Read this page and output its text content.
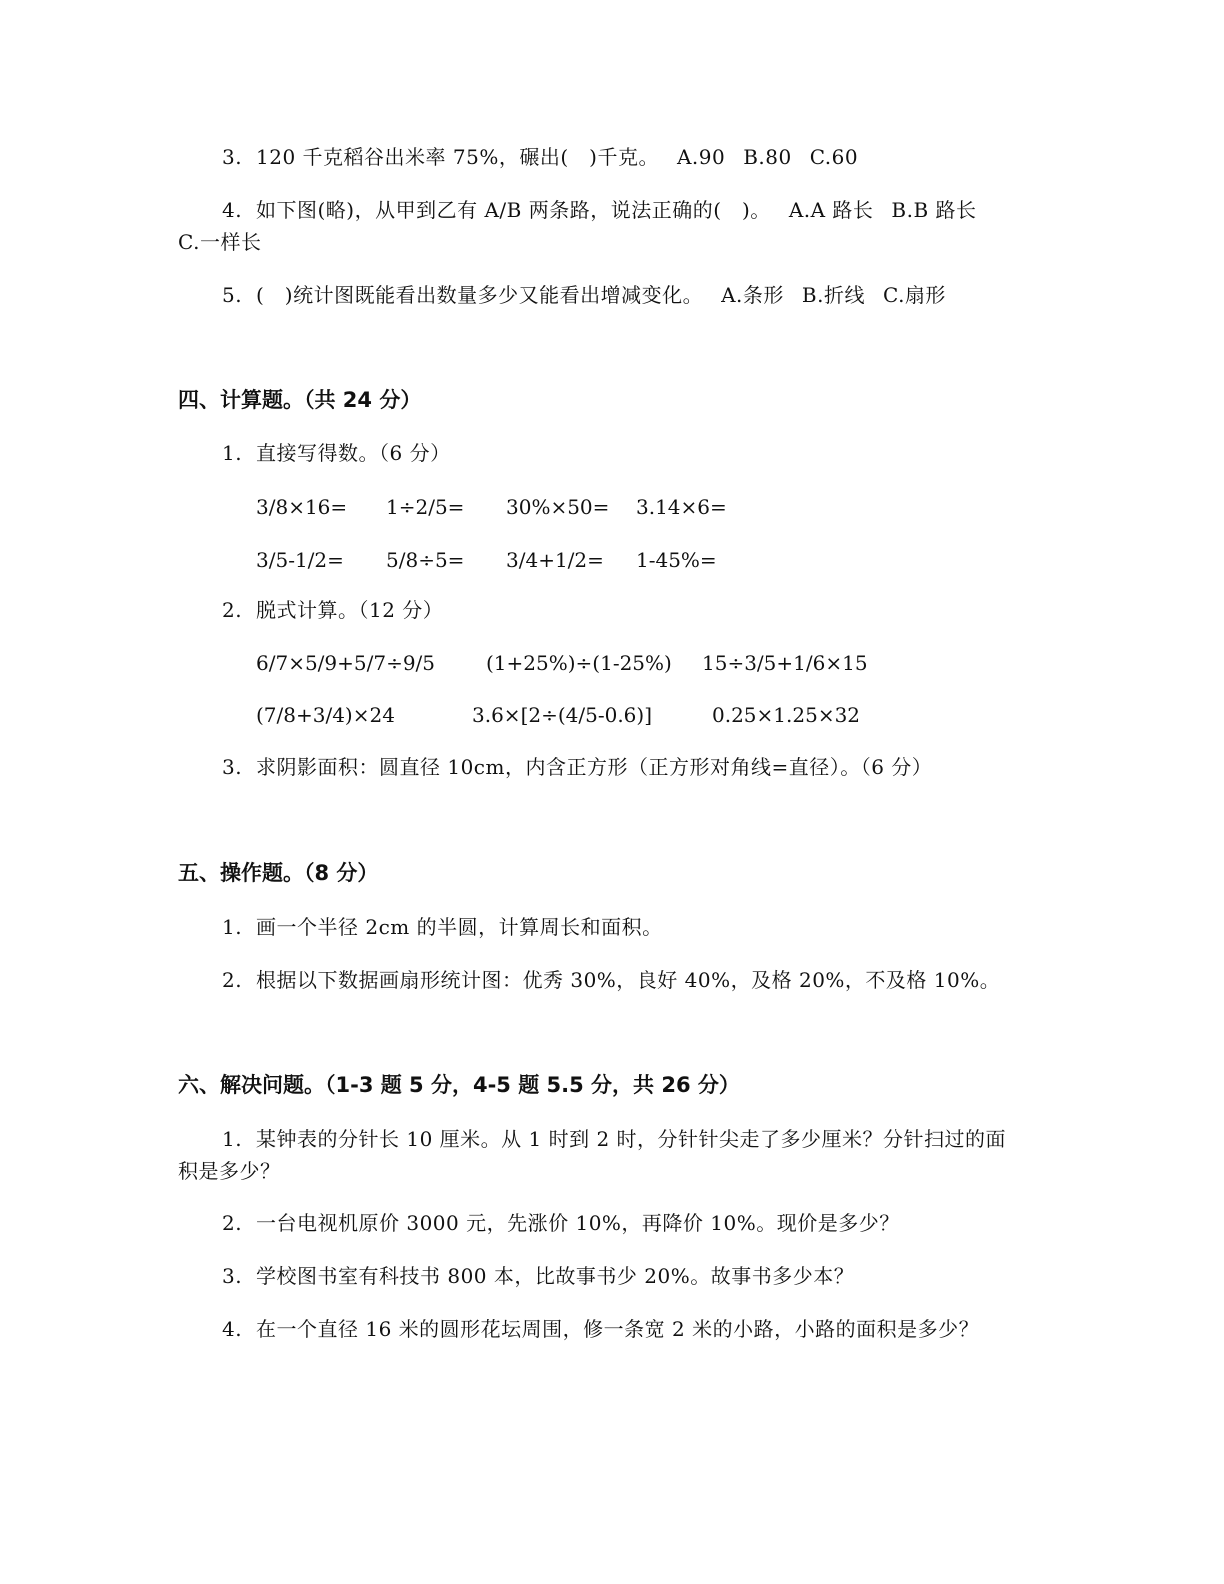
3. 120 千克稻谷出米率 75%，碾出(　)千克。 A.90 B.80 C.60
4. 如下图(略)，从甲到乙有 A/B 两条路，说法正确的(　)。 A.A 路长 B.B 路长
C.一样长
5. (　)统计图既能看出数量多少又能看出增减变化。 A.条形 B.折线 C.扇形
四、计算题。（共 24 分）
1. 直接写得数。（6 分）
3/8×16= 1÷2/5= 30%×50= 3.14×6=
3/5-1/2= 5/8÷5= 3/4+1/2= 1-45%=
2. 脱式计算。（12 分）
6/7×5/9+5/7÷9/5	(1+25%)÷(1-25%) 15÷3/5+1/6×15
(7/8+3/4)×24	3.6×[2÷(4/5-0.6)]	0.25×1.25×32
3. 求阴影面积：圆直径 10cm，内含正方形（正方形对角线=直径）。（6 分）
五、操作题。（8 分）
1. 画一个半径 2cm 的半圆，计算周长和面积。
2. 根据以下数据画扇形统计图：优秀 30%，良好 40%，及格 20%，不及格 10%。
六、解决问题。（1-3 题 5 分，4-5 题 5.5 分，共 26 分）
1. 某钟表的分针长 10 厘米。从 1 时到 2 时，分针针尖走了多少厘米？分针扫过的面
积是多少？
2. 一台电视机原价 3000 元，先涨价 10%，再降价 10%。现价是多少？
3. 学校图书室有科技书 800 本，比故事书少 20%。故事书多少本？
4. 在一个直径 16 米的圆形花坛周围，修一条宽 2 米的小路，小路的面积是多少？
